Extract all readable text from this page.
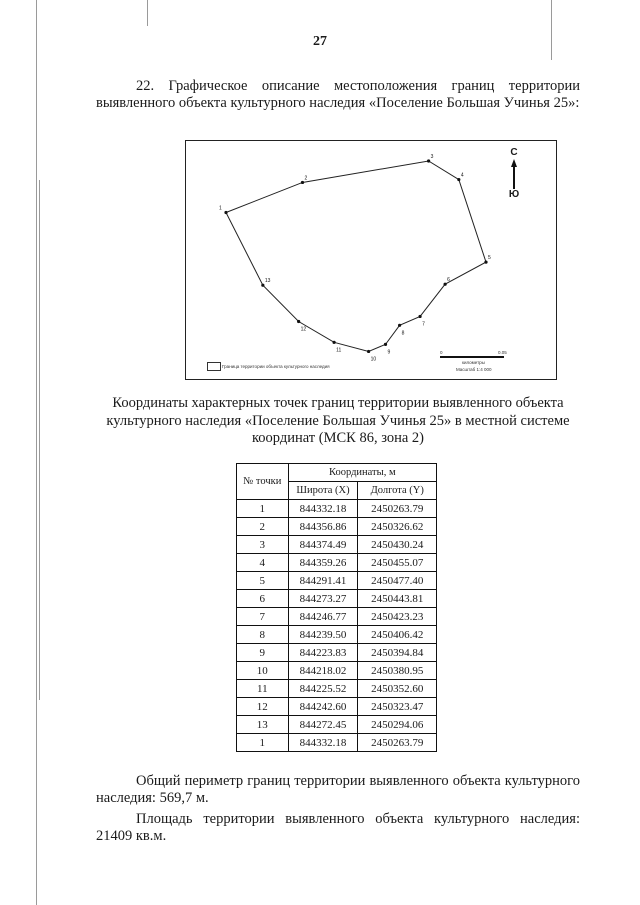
27
22. Графическое описание местоположения границ территории выявленного объекта культурного наследия «Поселение Большая Учинья 25»:
1
2
3
4
5
6
7
8
9
10
11
12
13
С
Ю
Граница территории объекта культурного наследия
0	0.05
километры
Масштаб 1:4 000
Координаты характерных точек границ территории выявленного объекта культурного наследия «Поселение Большая Учинья 25» в местной системе координат (МСК 86, зона 2)
№ точки	Координаты, м	
	Широта (X)	Долгота (Y)
1	844332.18	2450263.79
2	844356.86	2450326.62
3	844374.49	2450430.24
4	844359.26	2450455.07
5	844291.41	2450477.40
6	844273.27	2450443.81
7	844246.77	2450423.23
8	844239.50	2450406.42
9	844223.83	2450394.84
10	844218.02	2450380.95
11	844225.52	2450352.60
12	844242.60	2450323.47
13	844272.45	2450294.06
1	844332.18	2450263.79
Общий периметр границ территории выявленного объекта культурного наследия: 569,7 м.
Площадь территории выявленного объекта культурного наследия: 21409 кв.м.
